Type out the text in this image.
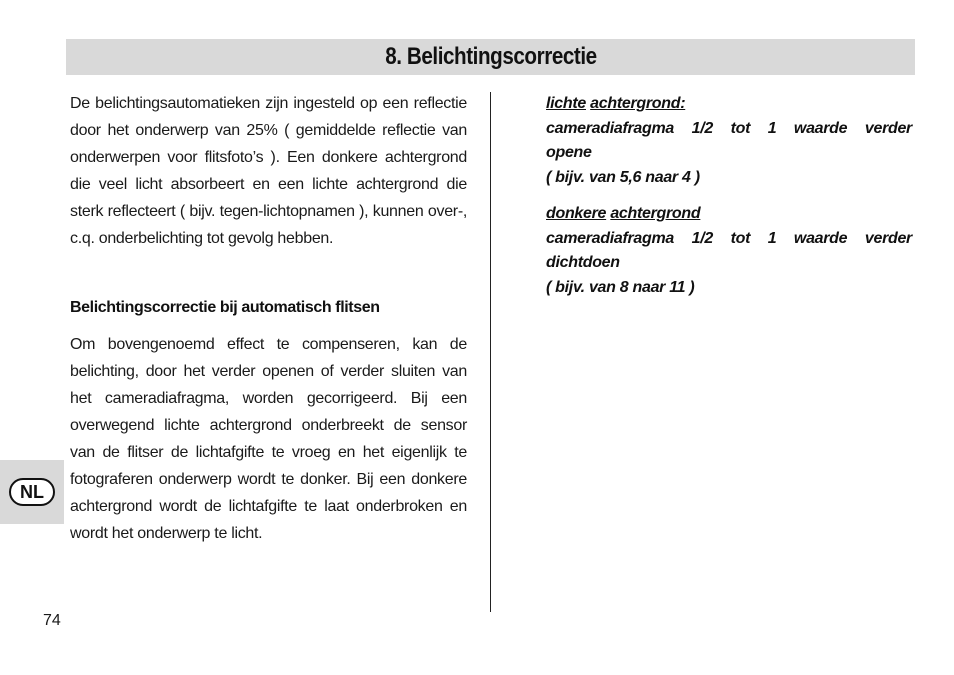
8. Belichtingscorrectie

De belichtingsautomatieken zijn ingesteld op een reflectie door het onderwerp van 25% ( gemiddelde reflectie van onderwerpen voor flitsfoto’s ). Een donkere achtergrond die veel licht absorbeert en een lichte achtergrond die sterk reflecteert ( bijv. tegen-lichtopnamen ), kunnen over-, c.q. onderbelichting tot gevolg hebben.

Belichtingscorrectie bij automatisch flitsen

Om bovengenoemd effect te compenseren, kan de belichting, door het verder openen of verder sluiten van het cameradiafragma, worden gecorrigeerd. Bij een overwegend lichte achtergrond onderbreekt de sensor van de flitser de lichtafgifte te vroeg en het eigenlijk te fotograferen onderwerp wordt te donker. Bij een donkere achtergrond wordt de lichtafgifte te laat onderbroken en wordt het onderwerp te licht.

lichte achtergrond:
cameradiafragma 1/2 tot 1 waarde verder
opene
( bijv. van 5,6 naar 4 )
donkere achtergrond
cameradiafragma 1/2 tot 1 waarde verder
dichtdoen
( bijv. van 8 naar 11 )
NL
74
